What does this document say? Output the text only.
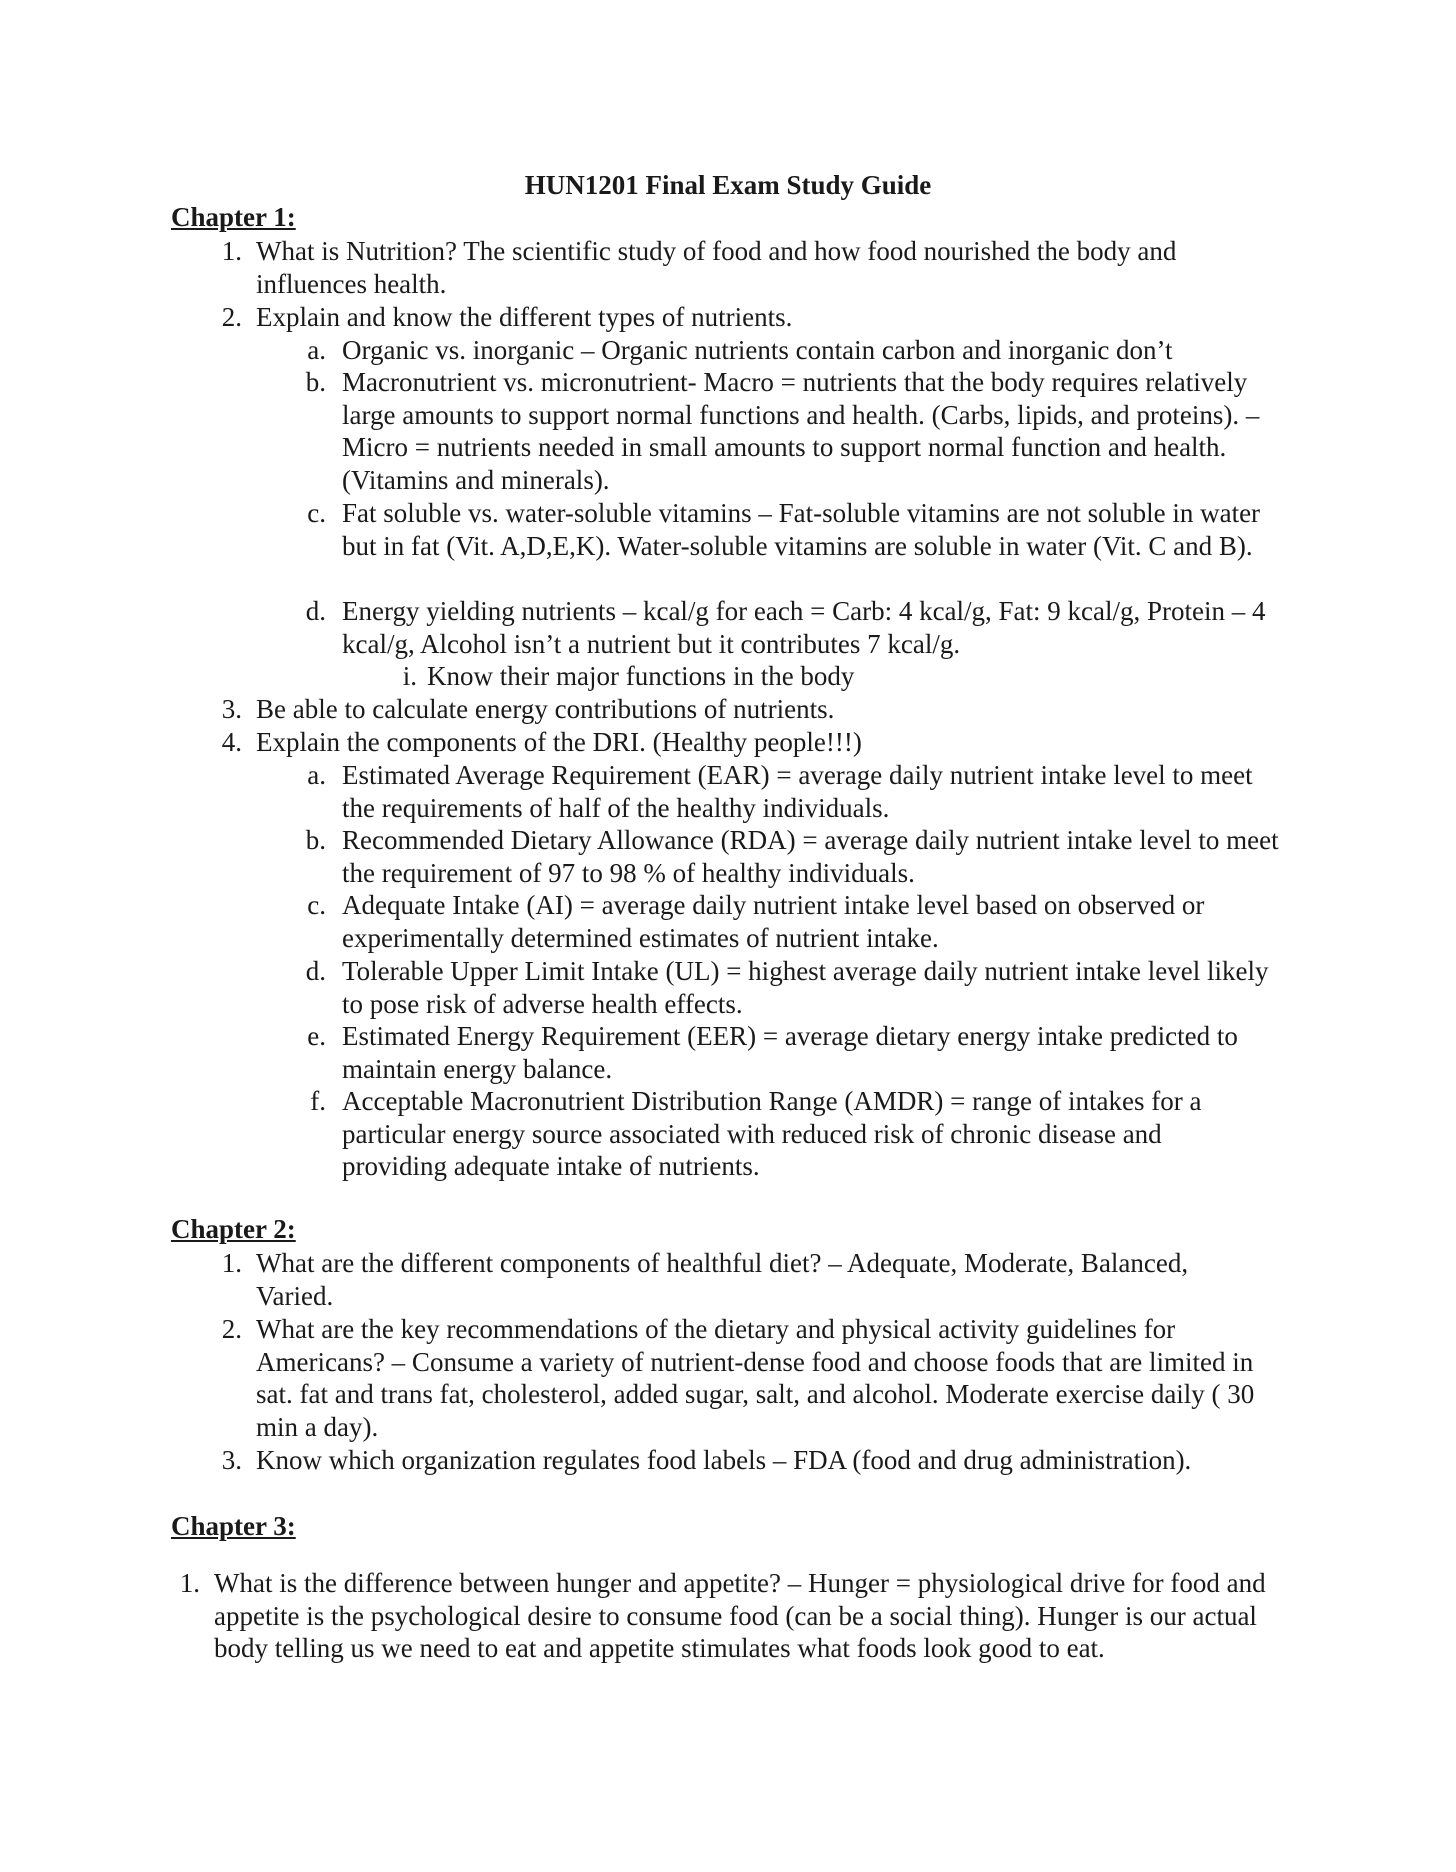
HUN1201 Final Exam Study Guide
Chapter 1:
1. What is Nutrition? The scientific study of food and how food nourished the body and influences health.
2. Explain and know the different types of nutrients.
a. Organic vs. inorganic – Organic nutrients contain carbon and inorganic don’t
b. Macronutrient vs. micronutrient- Macro = nutrients that the body requires relatively large amounts to support normal functions and health. (Carbs, lipids, and proteins). – Micro = nutrients needed in small amounts to support normal function and health. (Vitamins and minerals).
c. Fat soluble vs. water-soluble vitamins – Fat-soluble vitamins are not soluble in water but in fat (Vit. A,D,E,K). Water-soluble vitamins are soluble in water (Vit. C and B).
d. Energy yielding nutrients – kcal/g for each = Carb: 4 kcal/g, Fat: 9 kcal/g, Protein – 4 kcal/g, Alcohol isn’t a nutrient but it contributes 7 kcal/g.
i. Know their major functions in the body
3. Be able to calculate energy contributions of nutrients.
4. Explain the components of the DRI. (Healthy people!!!)
a. Estimated Average Requirement (EAR) = average daily nutrient intake level to meet the requirements of half of the healthy individuals.
b. Recommended Dietary Allowance (RDA) = average daily nutrient intake level to meet the requirement of 97 to 98 % of healthy individuals.
c. Adequate Intake (AI) = average daily nutrient intake level based on observed or experimentally determined estimates of nutrient intake.
d. Tolerable Upper Limit Intake (UL) = highest average daily nutrient intake level likely to pose risk of adverse health effects.
e. Estimated Energy Requirement (EER) = average dietary energy intake predicted to maintain energy balance.
f. Acceptable Macronutrient Distribution Range (AMDR) = range of intakes for a particular energy source associated with reduced risk of chronic disease and providing adequate intake of nutrients.
Chapter 2:
1. What are the different components of healthful diet? – Adequate, Moderate, Balanced, Varied.
2. What are the key recommendations of the dietary and physical activity guidelines for Americans? – Consume a variety of nutrient-dense food and choose foods that are limited in sat. fat and trans fat, cholesterol, added sugar, salt, and alcohol. Moderate exercise daily ( 30 min a day).
3. Know which organization regulates food labels – FDA (food and drug administration).
Chapter 3:
1. What is the difference between hunger and appetite? – Hunger = physiological drive for food and appetite is the psychological desire to consume food (can be a social thing). Hunger is our actual body telling us we need to eat and appetite stimulates what foods look good to eat.
